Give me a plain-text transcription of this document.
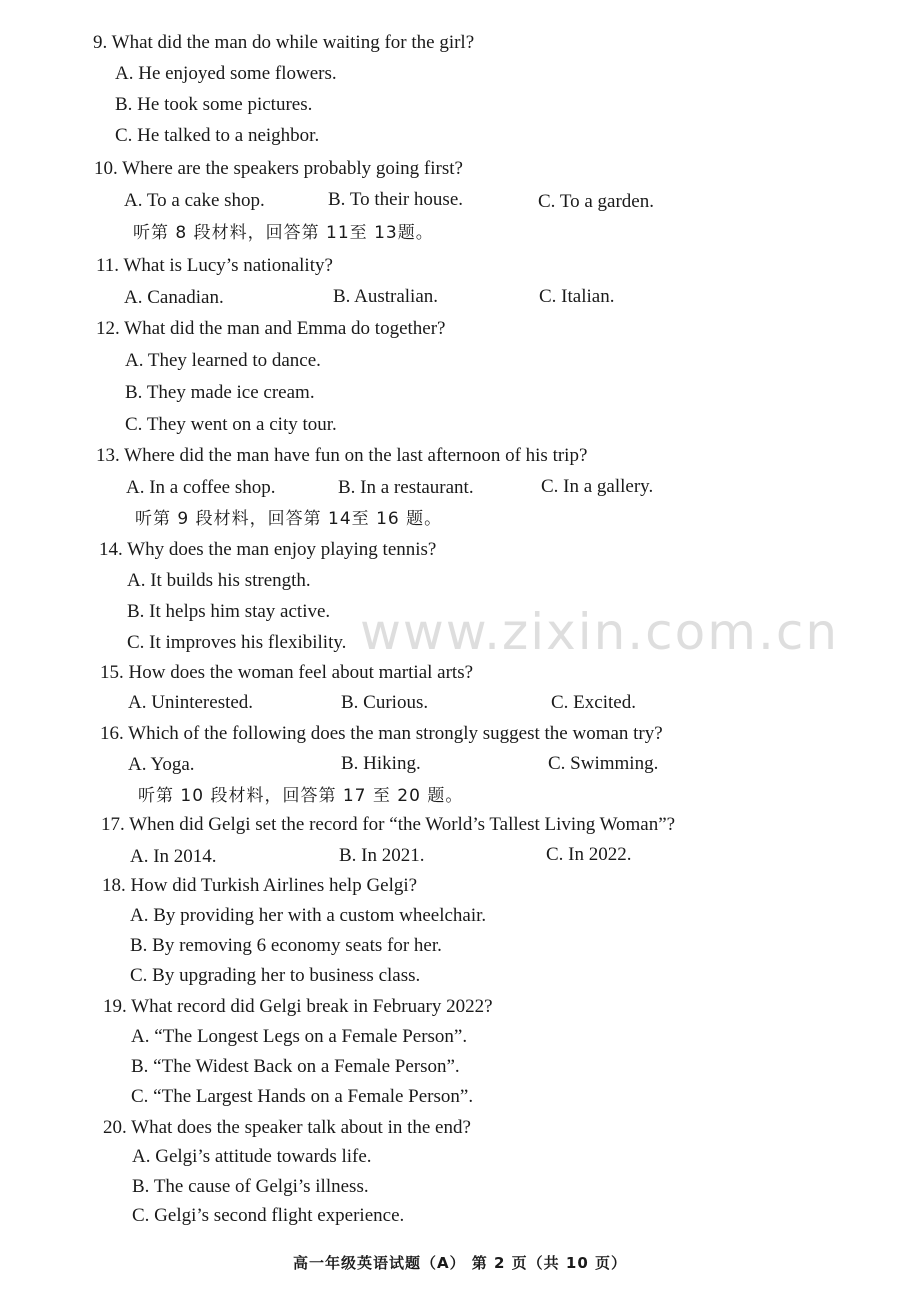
9. What did the man do while waiting for the girl?
A. He enjoyed some flowers.
B. He took some pictures.
C. He talked to a neighbor.
10. Where are the speakers probably going first?
A. To a cake shop.	B. To their house.	C. To a garden.
听第 8 段材料，回答第 11至 13题。
11. What is Lucy’s nationality?
A. Canadian.	B. Australian.	C. Italian.
12. What did the man and Emma do together?
A. They learned to dance.
B. They made ice cream.
C. They went on a city tour.
13. Where did the man have fun on the last afternoon of his trip?
A. In a coffee shop.	B. In a restaurant.	C. In a gallery.
听第 9 段材料，回答第 14至 16 题。
14. Why does the man enjoy playing tennis?
A. It builds his strength.
B. It helps him stay active.
C. It improves his flexibility. www.zixin.com.cn
15. How does the woman feel about martial arts?
A. Uninterested.	B. Curious.	C. Excited.
16. Which of the following does the man strongly suggest the woman try?
A. Yoga.	B. Hiking.	C. Swimming.
听第 10 段材料，回答第 17 至 20 题。
17. When did Gelgi set the record for “the World’s Tallest Living Woman”?
A. In 2014.	B. In 2021.	C. In 2022.
18. How did Turkish Airlines help Gelgi?
A. By providing her with a custom wheelchair.
B. By removing 6 economy seats for her.
C. By upgrading her to business class.
19. What record did Gelgi break in February 2022?
A. “The Longest Legs on a Female Person”.
B. “The Widest Back on a Female Person”.
C. “The Largest Hands on a Female Person”.
20. What does the speaker talk about in the end?
A. Gelgi’s attitude towards life.
B. The cause of Gelgi’s illness.
C. Gelgi’s second flight experience.
高一年级英语试题（A） 第 2 页（共 10 页）
